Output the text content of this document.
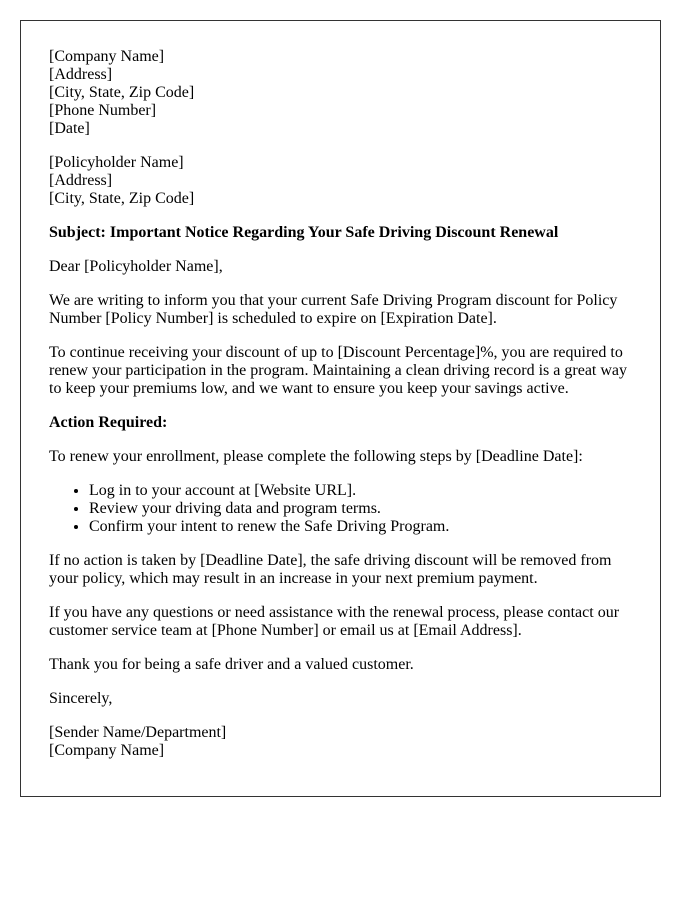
[Company Name]
[Address]
[City, State, Zip Code]
[Phone Number]
[Date]

[Policyholder Name]
[Address]
[City, State, Zip Code]

Subject: Important Notice Regarding Your Safe Driving Discount Renewal

Dear [Policyholder Name],

We are writing to inform you that your current Safe Driving Program discount for Policy Number [Policy Number] is scheduled to expire on [Expiration Date].

To continue receiving your discount of up to [Discount Percentage]%, you are required to renew your participation in the program. Maintaining a clean driving record is a great way to keep your premiums low, and we want to ensure you keep your savings active.

Action Required:

To renew your enrollment, please complete the following steps by [Deadline Date]:

• Log in to your account at [Website URL].
• Review your driving data and program terms.
• Confirm your intent to renew the Safe Driving Program.

If no action is taken by [Deadline Date], the safe driving discount will be removed from your policy, which may result in an increase in your next premium payment.

If you have any questions or need assistance with the renewal process, please contact our customer service team at [Phone Number] or email us at [Email Address].

Thank you for being a safe driver and a valued customer.

Sincerely,

[Sender Name/Department]
[Company Name]
